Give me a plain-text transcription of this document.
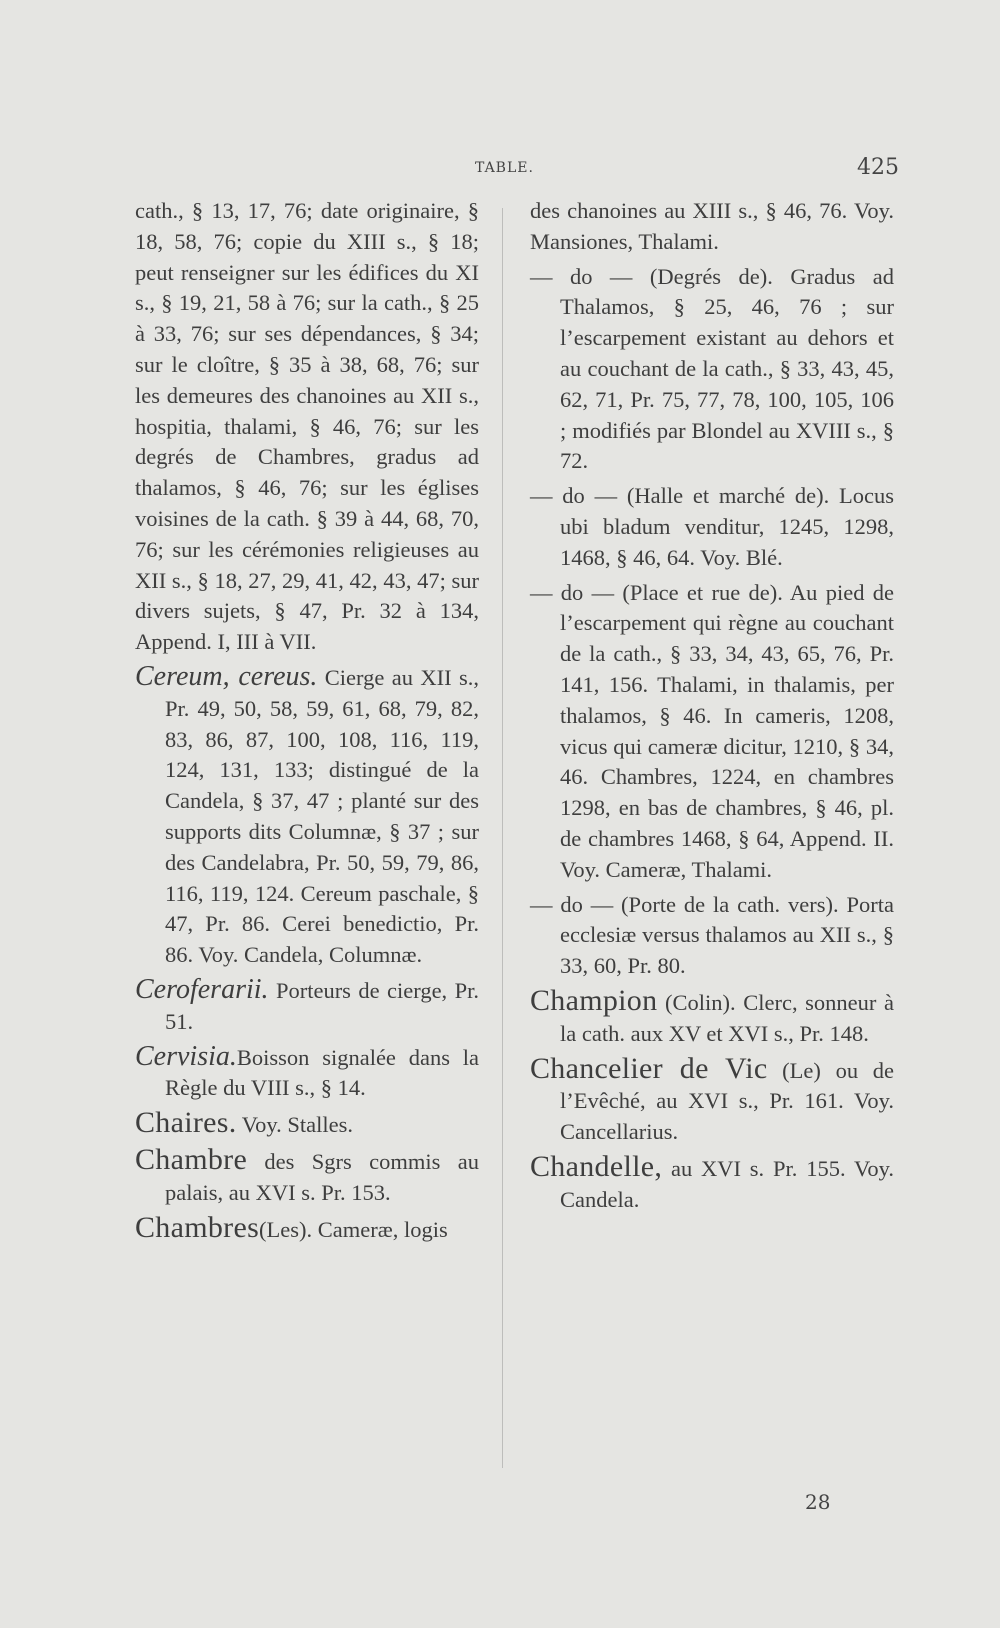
TABLE.	425

cath., § 13, 17, 76; date originaire, § 18, 58, 76; copie du XIII s., § 18; peut renseigner sur les édifices du XI s., § 19, 21, 58 à 76; sur la cath., § 25 à 33, 76; sur ses dépendances, § 34; sur le cloître, § 35 à 38, 68, 76; sur les demeures des chanoines au XII s., hospitia, thalami, § 46, 76; sur les degrés de Chambres, gradus ad thalamos, § 46, 76; sur les églises voisines de la cath. § 39 à 44, 68, 70, 76; sur les cérémonies religieuses au XII s., § 18, 27, 29, 41, 42, 43, 47; sur divers sujets, § 47, Pr. 32 à 134, Append. I, III à VII.

Cereum, cereus. Cierge au XII s., Pr. 49, 50, 58, 59, 61, 68, 79, 82, 83, 86, 87, 100, 108, 116, 119, 124, 131, 133; distingué de la Candela, § 37, 47 ; planté sur des supports dits Columnæ, § 37 ; sur des Candelabra, Pr. 50, 59, 79, 86, 116, 119, 124. Cereum paschale, § 47, Pr. 86. Cerei benedictio, Pr. 86. Voy. Candela, Columnæ.

Ceroferarii. Porteurs de cierge, Pr. 51.

Cervisia.Boisson signalée dans la Règle du VIII s., § 14.

Chaires. Voy. Stalles.

Chambre des Sgrs commis au palais, au XVI s. Pr. 153.

Chambres(Les). Cameræ, logis

des chanoines au XIII s., § 46, 76. Voy. Mansiones, Thalami.

— do — (Degrés de). Gradus ad Thalamos, § 25, 46, 76 ; sur l’escarpement existant au dehors et au couchant de la cath., § 33, 43, 45, 62, 71, Pr. 75, 77, 78, 100, 105, 106 ; modifiés par Blondel au XVIII s., § 72.

— do — (Halle et marché de). Locus ubi bladum venditur, 1245, 1298, 1468, § 46, 64. Voy. Blé.

— do — (Place et rue de). Au pied de l’escarpement qui règne au couchant de la cath., § 33, 34, 43, 65, 76, Pr. 141, 156. Thalami, in thalamis, per thalamos, § 46. In cameris, 1208, vicus qui cameræ dicitur, 1210, § 34, 46. Chambres, 1224, en chambres 1298, en bas de chambres, § 46, pl. de chambres 1468, § 64, Append. II. Voy. Cameræ, Thalami.

— do — (Porte de la cath. vers). Porta ecclesiæ versus thalamos au XII s., § 33, 60, Pr. 80.

Champion (Colin). Clerc, sonneur à la cath. aux XV et XVI s., Pr. 148.

Chancelier de Vic (Le) ou de l’Evêché, au XVI s., Pr. 161. Voy. Cancellarius.

Chandelle, au XVI s. Pr. 155. Voy. Candela.

28
